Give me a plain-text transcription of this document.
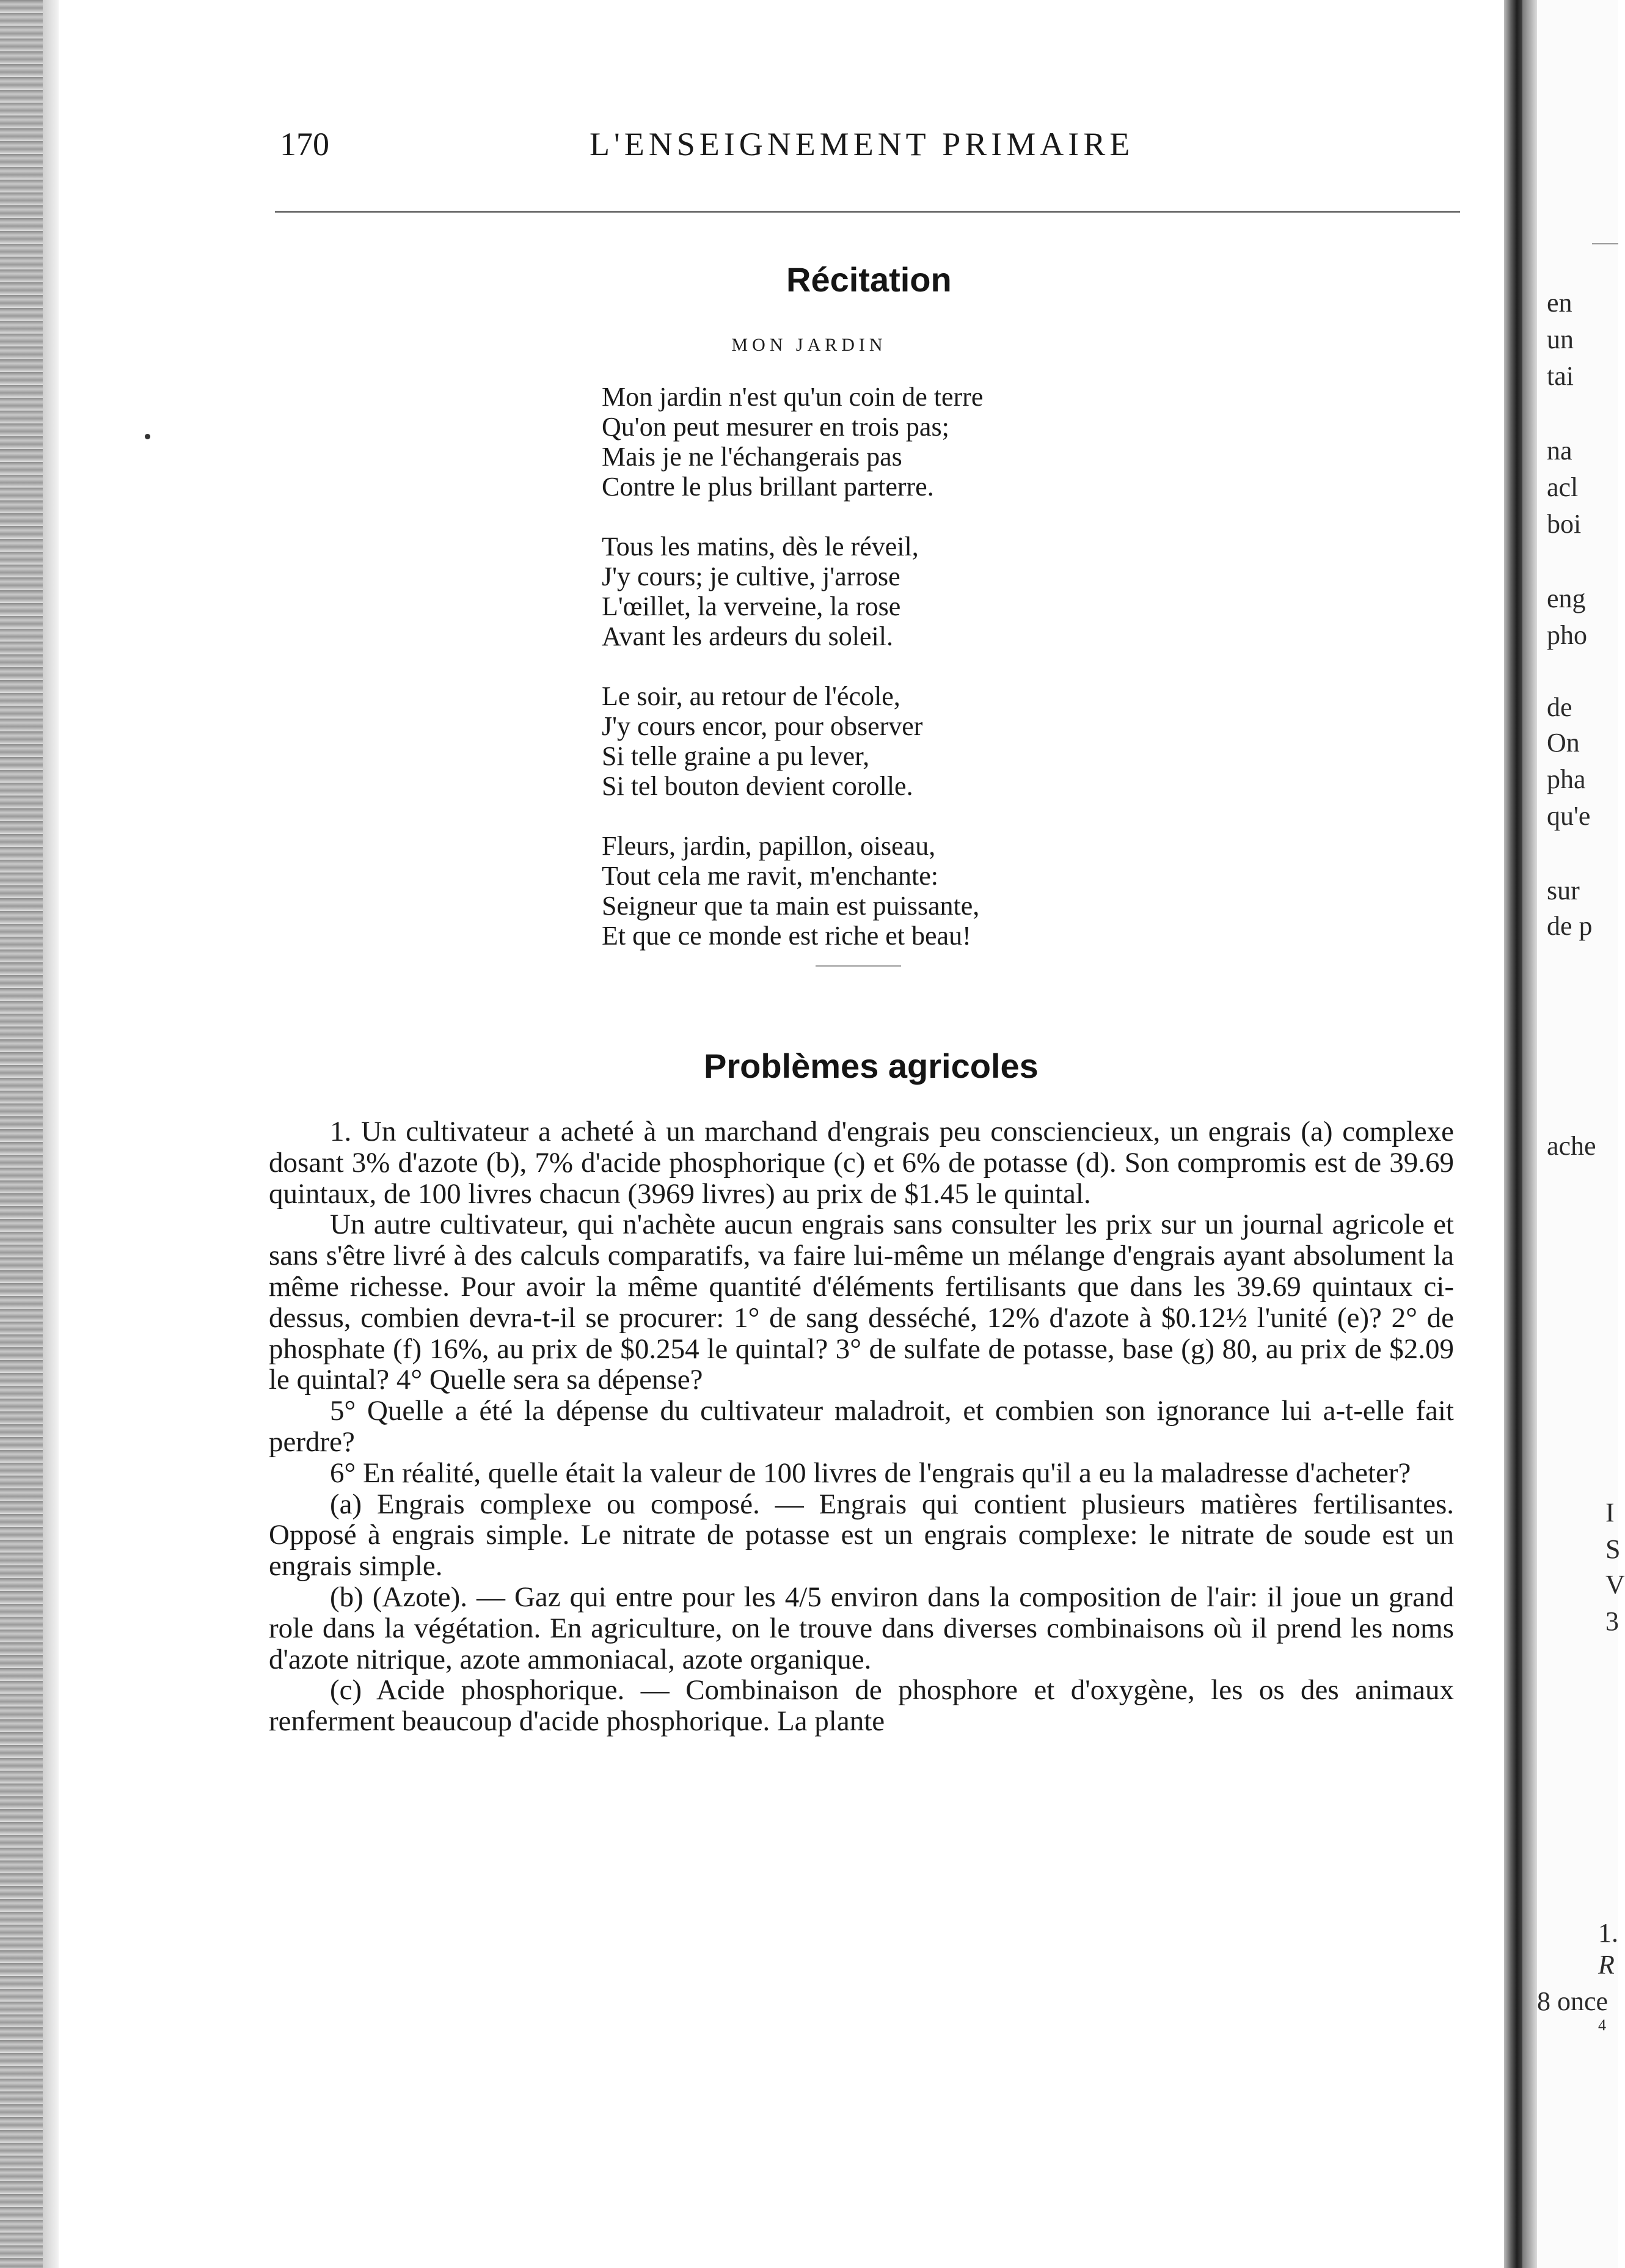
170	L'ENSEIGNEMENT PRIMAIRE
Récitation
MON JARDIN
Mon jardin n'est qu'un coin de terre
Qu'on peut mesurer en trois pas;
Mais je ne l'échangerais pas
Contre le plus brillant parterre.
Tous les matins, dès le réveil,
J'y cours; je cultive, j'arrose
L'œillet, la verveine, la rose
Avant les ardeurs du soleil.
Le soir, au retour de l'école,
J'y cours encor, pour observer
Si telle graine a pu lever,
Si tel bouton devient corolle.
Fleurs, jardin, papillon, oiseau,
Tout cela me ravit, m'enchante:
Seigneur que ta main est puissante,
Et que ce monde est riche et beau!
Problèmes agricoles

1. Un cultivateur a acheté à un marchand d'engrais peu consciencieux, un engrais (a) complexe dosant 3% d'azote (b), 7% d'acide phosphorique (c) et 6% de potasse (d). Son compromis est de 39.69 quintaux, de 100 livres chacun (3969 livres) au prix de $1.45 le quintal.

Un autre cultivateur, qui n'achète aucun engrais sans consulter les prix sur un journal agricole et sans s'être livré à des calculs comparatifs, va faire lui-même un mélange d'engrais ayant absolument la même richesse. Pour avoir la même quantité d'éléments fertilisants que dans les 39.69 quintaux ci-dessus, combien devra-t-il se procurer: 1° de sang desséché, 12% d'azote à $0.12½ l'unité (e)? 2° de phosphate (f) 16%, au prix de $0.254 le quintal? 3° de sulfate de potasse, base (g) 80, au prix de $2.09 le quintal? 4° Quelle sera sa dépense?

5° Quelle a été la dépense du cultivateur maladroit, et combien son ignorance lui a-t-elle fait perdre?

6° En réalité, quelle était la valeur de 100 livres de l'engrais qu'il a eu la maladresse d'acheter?

(a) Engrais complexe ou composé. — Engrais qui contient plusieurs matières fertilisantes. Opposé à engrais simple. Le nitrate de potasse est un engrais complexe: le nitrate de soude est un engrais simple.

(b) (Azote). — Gaz qui entre pour les 4/5 environ dans la composition de l'air: il joue un grand role dans la végétation. En agriculture, on le trouve dans diverses combinaisons où il prend les noms d'azote nitrique, azote ammoniacal, azote organique.

(c) Acide phosphorique. — Combinaison de phosphore et d'oxygène, les os des animaux renferment beaucoup d'acide phosphorique. La plante

en
un
tai
na
acl
boi
eng
pho
de
On
pha
qu'e
sur
de p
ache
I
S
V
3
1.
R
8 once
4
